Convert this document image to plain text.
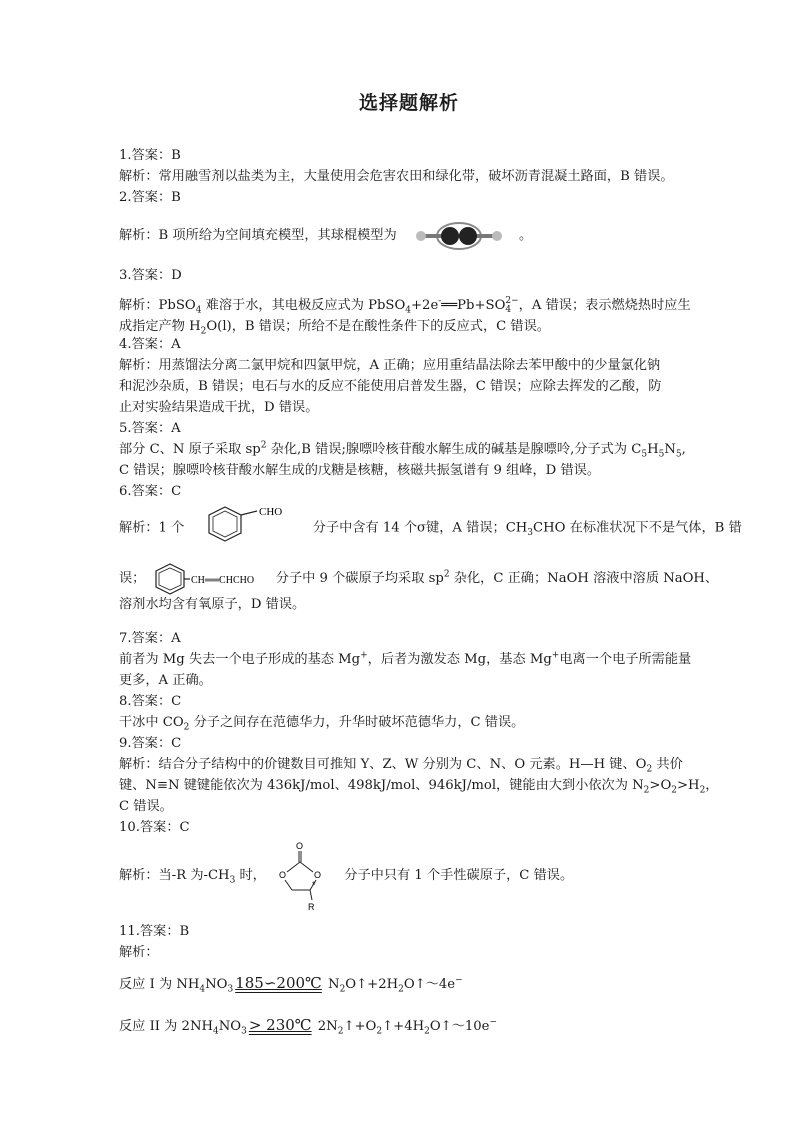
选择题解析
1.答案：B
解析：常用融雪剂以盐类为主，大量使用会危害农田和绿化带，破坏沥青混凝土路面，B 错误。
2.答案：B
解析：B 项所给为空间填充模型，其球棍模型为	。
3.答案：D
解析：PbSO$_4$ 难溶于水，其电极反应式为 PbSO$_4$+2e-══Pb+SO 2−
4 ，A 错误；表示燃烧热时应生
成指定产物 $H_2O(l)$，B 错误；所给不是在酸性条件下的反应式，C 错误。
4.答案：A
解析：用蒸馏法分离二氯甲烷和四氯甲烷，A 正确；应用重结晶法除去苯甲酸中的少量氯化钠
和泥沙杂质，B 错误；电石与水的反应不能使用启普发生器，C 错误；应除去挥发的乙酸，防
止对实验结果造成干扰，D 错误。
5.答案：A
部分 C、N 原子采取 $sp^2$ 杂化,B 错误;腺嘌呤核苷酸水解生成的碱基是腺嘌呤,分子式为 $C_5H_5N_5$,
C 错误；腺嘌呤核苷酸水解生成的戊糖是核糖，核磁共振氢谱有 9 组峰，D 错误。
6.答案：C
解析：1 个
CHO
分子中含有 14 个σ键，A 错误；$CH_3CHO$ 在标准状况下不是气体，B 错
误；	CH══CHCHO 分子中 9 个碳原子均采取 $sp^2$ 杂化，C 正确；NaOH 溶液中溶质 NaOH、
溶剂水均含有氧原子，D 错误。
7.答案：A
前者为 Mg 失去一个电子形成的基态 Mg+，后者为激发态 Mg，基态 Mg+电离一个电子所需能量
更多，A 正确。
8.答案：C
干冰中 $CO_2$ 分子之间存在范德华力，升华时破坏范德华力，C 错误。
9.答案：C
解析：结合分子结构中的价键数目可推知 Y、Z、W 分别为 C、N、O 元素。H—H 键、$O_2$ 共价
键、N≡N 键键能依次为 436kJ/mol、498kJ/mol、946kJ/mol，键能由大到小依次为 $N_2>O_2>H_2$，
C 错误。
10.答案：C
解析：当-R 为$-CH_3$ 时，
O
O	O
*
R
分子中只有 1 个手性碳原子，C 错误。
11.答案：B
解析：
反应 I 为 $NH_4NO_3$ 185∽200℃ $N_2O↑+2H_2O↑\sim 4e^-$
反应 II 为 $2NH_4NO_3$ > 230℃ $2N_2↑+O_2↑+4H_2O↑\sim 10e^-$
